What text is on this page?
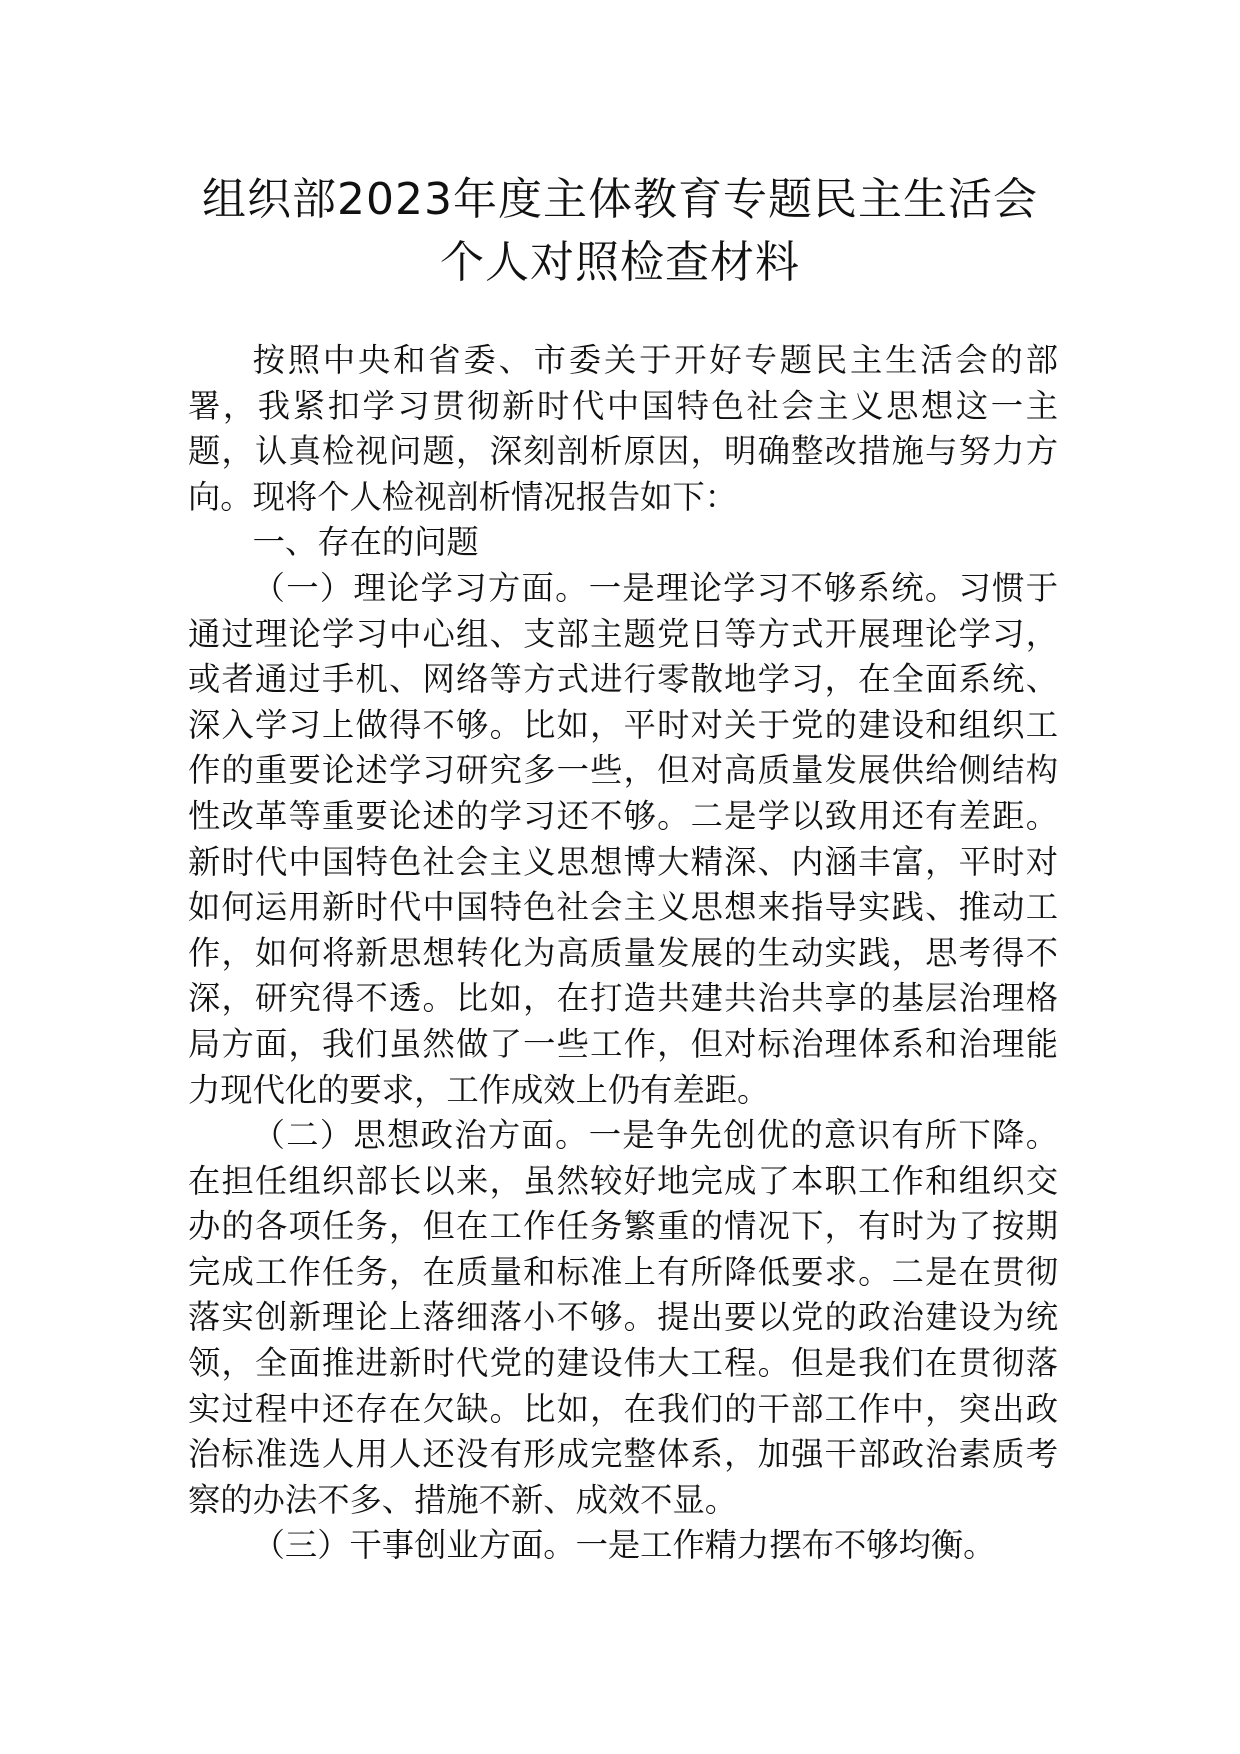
组织部2023年度主体教育专题民主生活会
个人对照检查材料

按照中央和省委、市委关于开好专题民主生活会的部署，我紧扣学习贯彻新时代中国特色社会主义思想这一主题，认真检视问题，深刻剖析原因，明确整改措施与努力方向。现将个人检视剖析情况报告如下：

一、存在的问题

（一）理论学习方面。一是理论学习不够系统。习惯于通过理论学习中心组、支部主题党日等方式开展理论学习，或者通过手机、网络等方式进行零散地学习，在全面系统、深入学习上做得不够。比如，平时对关于党的建设和组织工作的重要论述学习研究多一些，但对高质量发展供给侧结构性改革等重要论述的学习还不够。二是学以致用还有差距。新时代中国特色社会主义思想博大精深、内涵丰富，平时对如何运用新时代中国特色社会主义思想来指导实践、推动工作，如何将新思想转化为高质量发展的生动实践，思考得不深，研究得不透。比如，在打造共建共治共享的基层治理格局方面，我们虽然做了一些工作，但对标治理体系和治理能力现代化的要求，工作成效上仍有差距。

（二）思想政治方面。一是争先创优的意识有所下降。在担任组织部长以来，虽然较好地完成了本职工作和组织交办的各项任务，但在工作任务繁重的情况下，有时为了按期完成工作任务，在质量和标准上有所降低要求。二是在贯彻落实创新理论上落细落小不够。提出要以党的政治建设为统领，全面推进新时代党的建设伟大工程。但是我们在贯彻落实过程中还存在欠缺。比如，在我们的干部工作中，突出政治标准选人用人还没有形成完整体系，加强干部政治素质考察的办法不多、措施不新、成效不显。

（三）干事创业方面。一是工作精力摆布不够均衡。
